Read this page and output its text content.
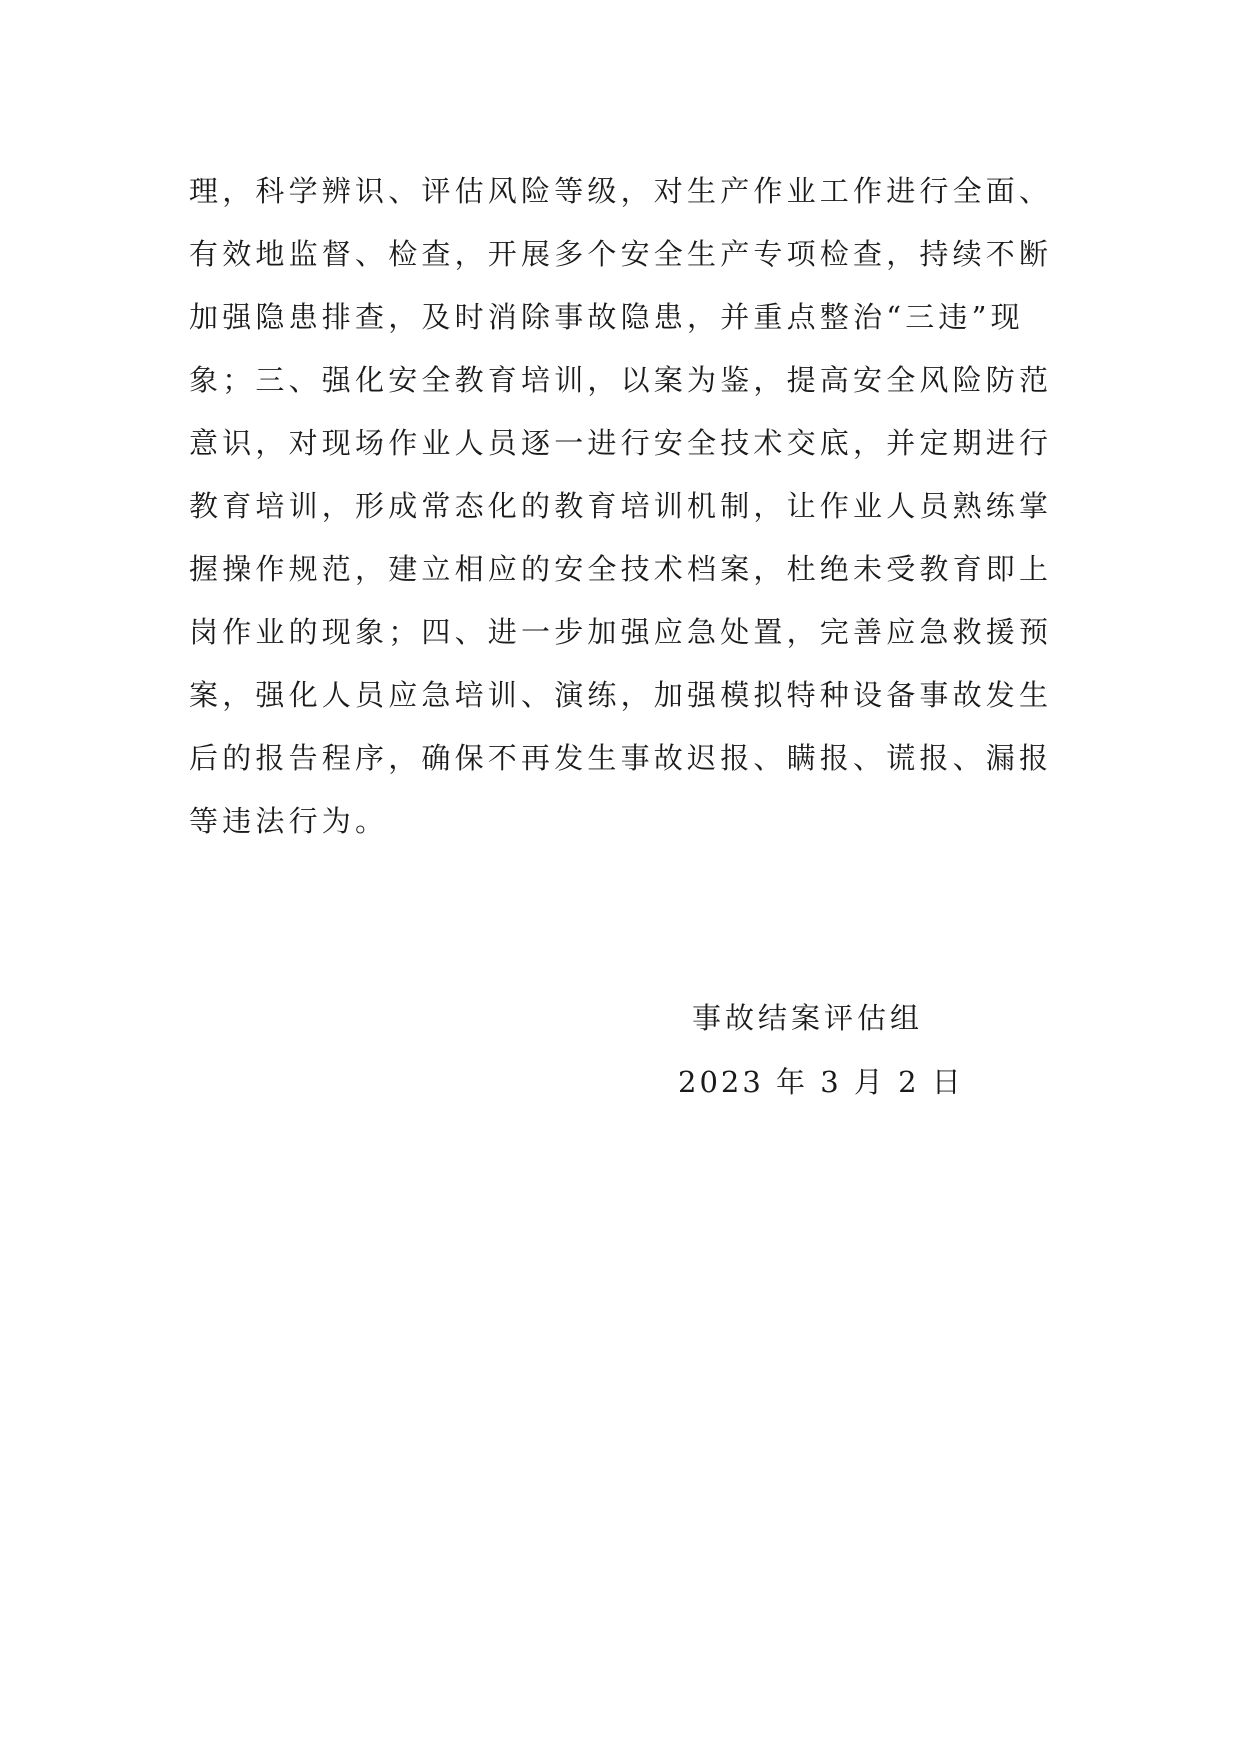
理，科学辨识、评估风险等级，对生产作业工作进行全面、
有效地监督、检查，开展多个安全生产专项检查，持续不断
加强隐患排查，及时消除事故隐患，并重点整治“三违”现
象；三、强化安全教育培训，以案为鉴，提高安全风险防范
意识，对现场作业人员逐一进行安全技术交底，并定期进行
教育培训，形成常态化的教育培训机制，让作业人员熟练掌
握操作规范，建立相应的安全技术档案，杜绝未受教育即上
岗作业的现象；四、进一步加强应急处置，完善应急救援预
案，强化人员应急培训、演练，加强模拟特种设备事故发生
后的报告程序，确保不再发生事故迟报、瞒报、谎报、漏报
等违法行为。
事故结案评估组
2023 年 3 月 2 日
